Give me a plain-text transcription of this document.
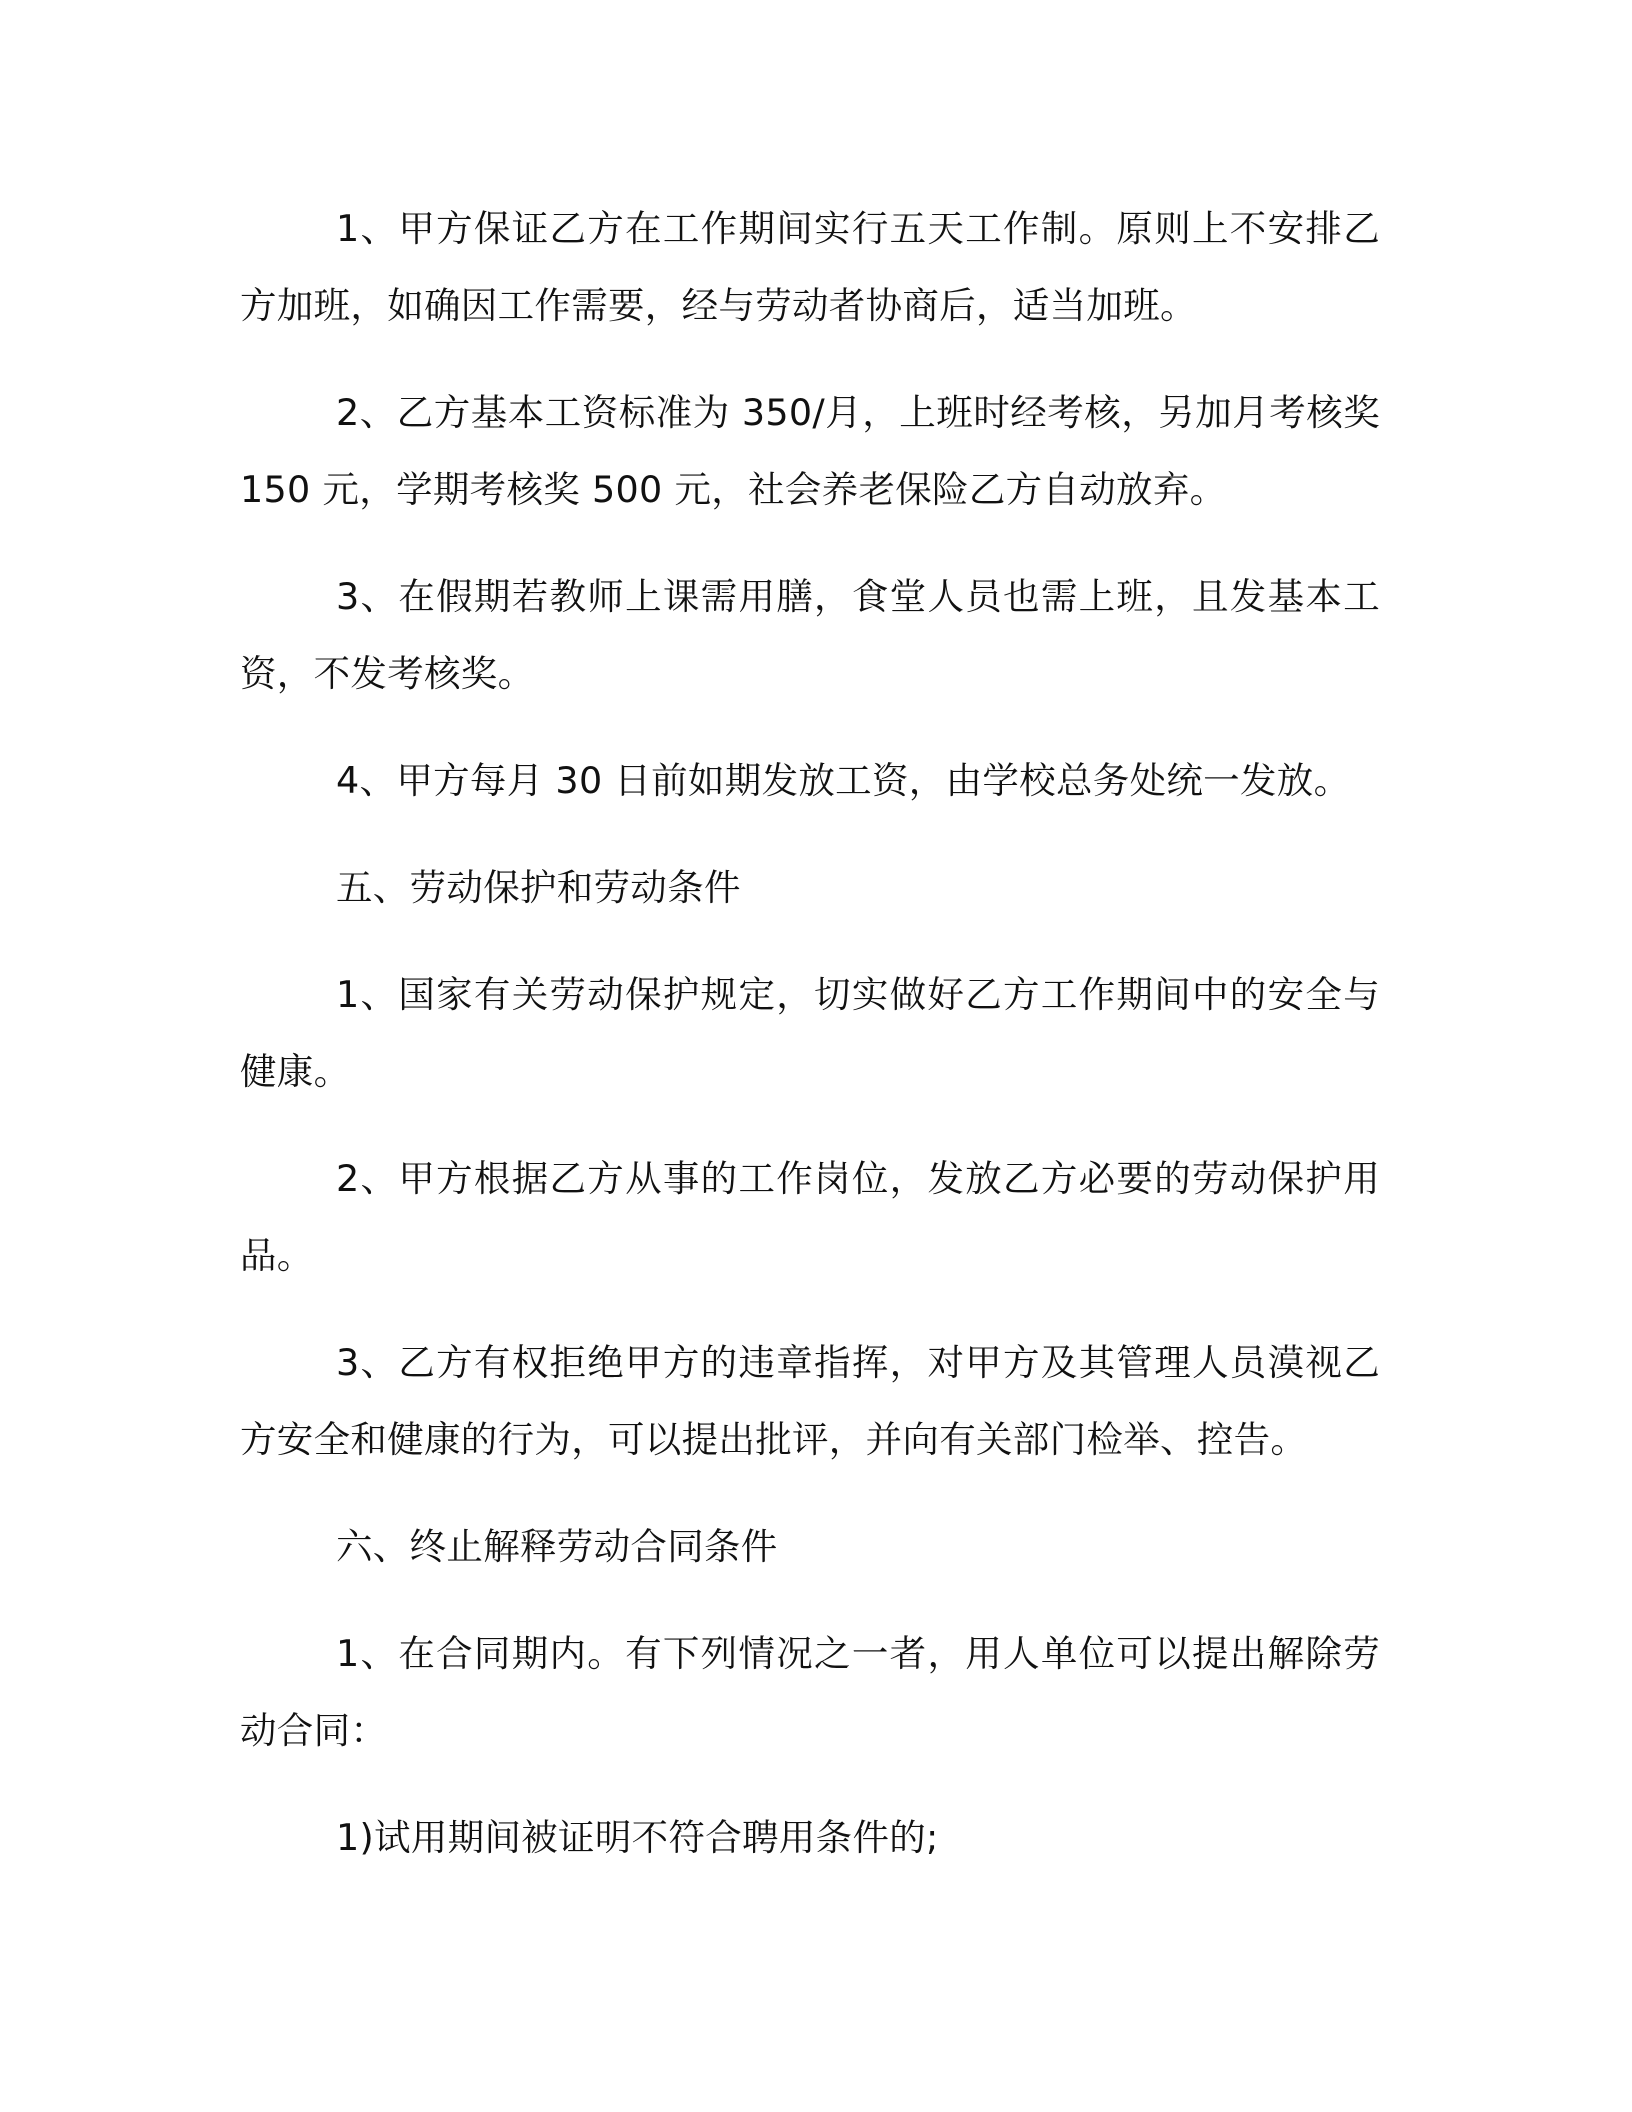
1、甲方保证乙方在工作期间实行五天工作制。原则上不安排乙方加班，如确因工作需要，经与劳动者协商后，适当加班。

2、乙方基本工资标准为 350/月，上班时经考核，另加月考核奖 150 元，学期考核奖 500 元，社会养老保险乙方自动放弃。

3、在假期若教师上课需用膳，食堂人员也需上班，且发基本工资，不发考核奖。

4、甲方每月 30 日前如期发放工资，由学校总务处统一发放。

五、劳动保护和劳动条件

1、国家有关劳动保护规定，切实做好乙方工作期间中的安全与健康。

2、甲方根据乙方从事的工作岗位，发放乙方必要的劳动保护用品。

3、乙方有权拒绝甲方的违章指挥，对甲方及其管理人员漠视乙方安全和健康的行为，可以提出批评，并向有关部门检举、控告。

六、终止解释劳动合同条件

1、在合同期内。有下列情况之一者，用人单位可以提出解除劳动合同：

1)试用期间被证明不符合聘用条件的;
